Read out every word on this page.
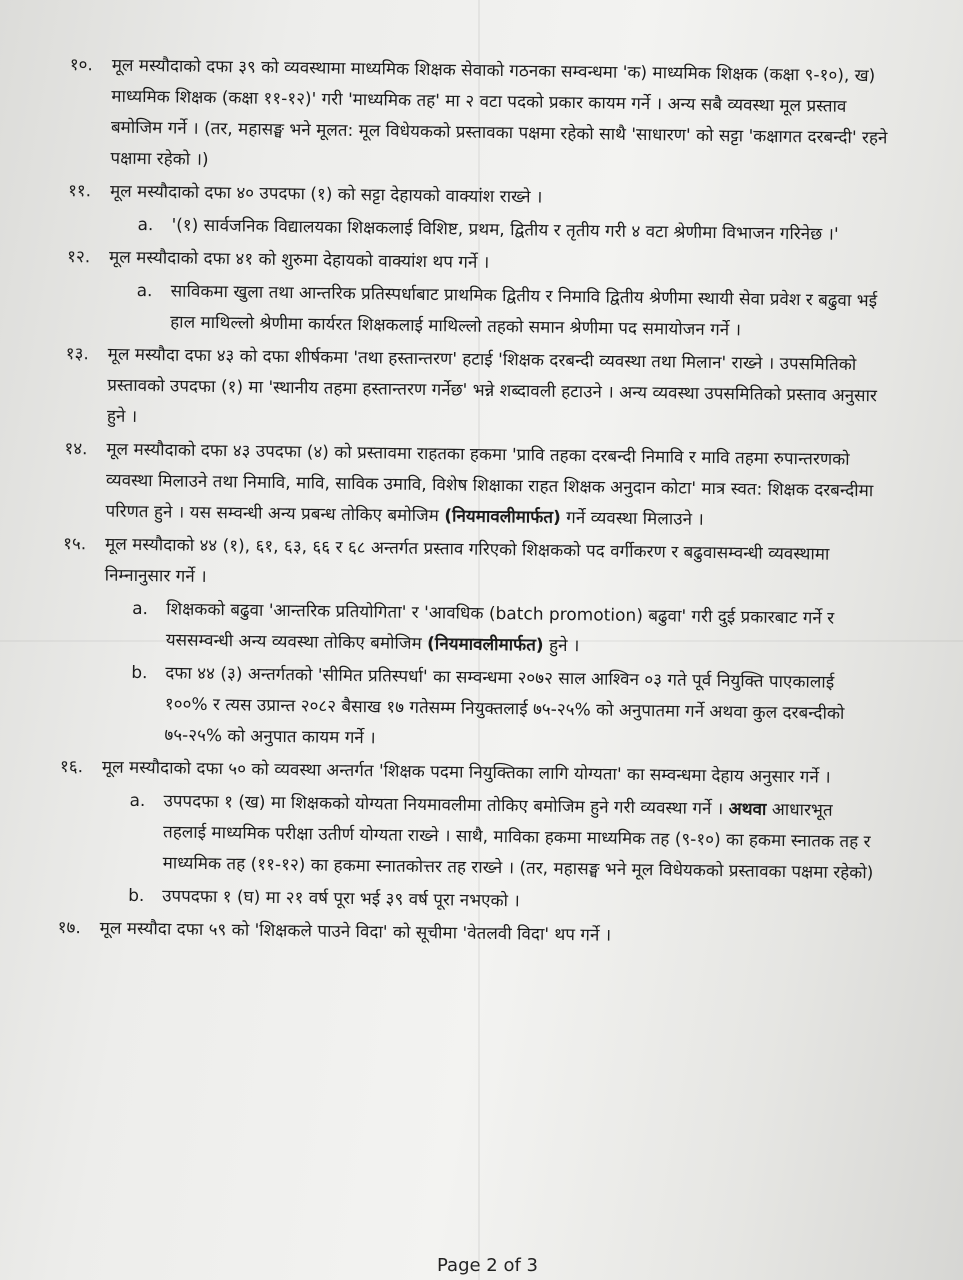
१०. मूल मस्यौदाको दफा ३९ को व्यवस्थामा माध्यमिक शिक्षक सेवाको गठनका सम्वन्धमा 'क) माध्यमिक शिक्षक (कक्षा ९-१०), ख) माध्यमिक शिक्षक (कक्षा ११-१२)' गरी 'माध्यमिक तह' मा २ वटा पदको प्रकार कायम गर्ने । अन्य सबै व्यवस्था मूल प्रस्ताव बमोजिम गर्ने । (तर, महासङ्घ भने मूलत: मूल विधेयकको प्रस्तावका पक्षमा रहेको साथै 'साधारण' को सट्टा 'कक्षागत दरबन्दी' रहने पक्षामा रहेको ।)
११. मूल मस्यौदाको दफा ४० उपदफा (१) को सट्टा देहायको वाक्यांश राख्ने ।
a. '(१) सार्वजनिक विद्यालयका शिक्षकलाई विशिष्ट, प्रथम, द्वितीय र तृतीय गरी ४ वटा श्रेणीमा विभाजन गरिनेछ ।'
१२. मूल मस्यौदाको दफा ४१ को शुरुमा देहायको वाक्यांश थप गर्ने ।
a. साविकमा खुला तथा आन्तरिक प्रतिस्पर्धाबाट प्राथमिक द्वितीय र निमावि द्वितीय श्रेणीमा स्थायी सेवा प्रवेश र बढुवा भई हाल माथिल्लो श्रेणीमा कार्यरत शिक्षकलाई माथिल्लो तहको समान श्रेणीमा पद समायोजन गर्ने ।
१३. मूल मस्यौदा दफा ४३ को दफा शीर्षकमा 'तथा हस्तान्तरण' हटाई 'शिक्षक दरबन्दी व्यवस्था तथा मिलान' राख्ने । उपसमितिको प्रस्तावको उपदफा (१) मा 'स्थानीय तहमा हस्तान्तरण गर्नेछ' भन्ने शब्दावली हटाउने । अन्य व्यवस्था उपसमितिको प्रस्ताव अनुसार हुने ।
१४. मूल मस्यौदाको दफा ४३ उपदफा (४) को प्रस्तावमा राहतका हकमा 'प्रावि तहका दरबन्दी निमावि र मावि तहमा रुपान्तरणको व्यवस्था मिलाउने तथा निमावि, मावि, साविक उमावि, विशेष शिक्षाका राहत शिक्षक अनुदान कोटा' मात्र स्वत: शिक्षक दरबन्दीमा परिणत हुने । यस सम्वन्धी अन्य प्रबन्ध तोकिए बमोजिम (नियमावलीमार्फत) गर्ने व्यवस्था मिलाउने ।
१५. मूल मस्यौदाको ४४ (१), ६१, ६३, ६६ र ६८ अन्तर्गत प्रस्ताव गरिएको शिक्षकको पद वर्गीकरण र बढुवासम्वन्धी व्यवस्थामा निम्नानुसार गर्ने ।
a. शिक्षकको बढुवा 'आन्तरिक प्रतियोगिता' र 'आवधिक (batch promotion) बढुवा' गरी दुई प्रकारबाट गर्ने र यससम्वन्धी अन्य व्यवस्था तोकिए बमोजिम (नियमावलीमार्फत) हुने ।
b. दफा ४४ (३) अन्तर्गतको 'सीमित प्रतिस्पर्धा' का सम्वन्धमा २०७२ साल आश्विन ०३ गते पूर्व नियुक्ति पाएकालाई १००% र त्यस उप्रान्त २०८२ बैसाख १७ गतेसम्म नियुक्तलाई ७५-२५% को अनुपातमा गर्ने अथवा कुल दरबन्दीको ७५-२५% को अनुपात कायम गर्ने ।
१६. मूल मस्यौदाको दफा ५० को व्यवस्था अन्तर्गत 'शिक्षक पदमा नियुक्तिका लागि योग्यता' का सम्वन्धमा देहाय अनुसार गर्ने ।
a. उपपदफा १ (ख) मा शिक्षकको योग्यता नियमावलीमा तोकिए बमोजिम हुने गरी व्यवस्था गर्ने । अथवा आधारभूत तहलाई माध्यमिक परीक्षा उतीर्ण योग्यता राख्ने । साथै, माविका हकमा माध्यमिक तह (९-१०) का हकमा स्नातक तह र माध्यमिक तह (११-१२) का हकमा स्नातकोत्तर तह राख्ने । (तर, महासङ्घ भने मूल विधेयकको प्रस्तावका पक्षमा रहेको)
b. उपपदफा १ (घ) मा २१ वर्ष पूरा भई ३९ वर्ष पूरा नभएको ।
१७. मूल मस्यौदा दफा ५९ को 'शिक्षकले पाउने विदा' को सूचीमा 'वेतलवी विदा' थप गर्ने ।
Page 2 of 3
